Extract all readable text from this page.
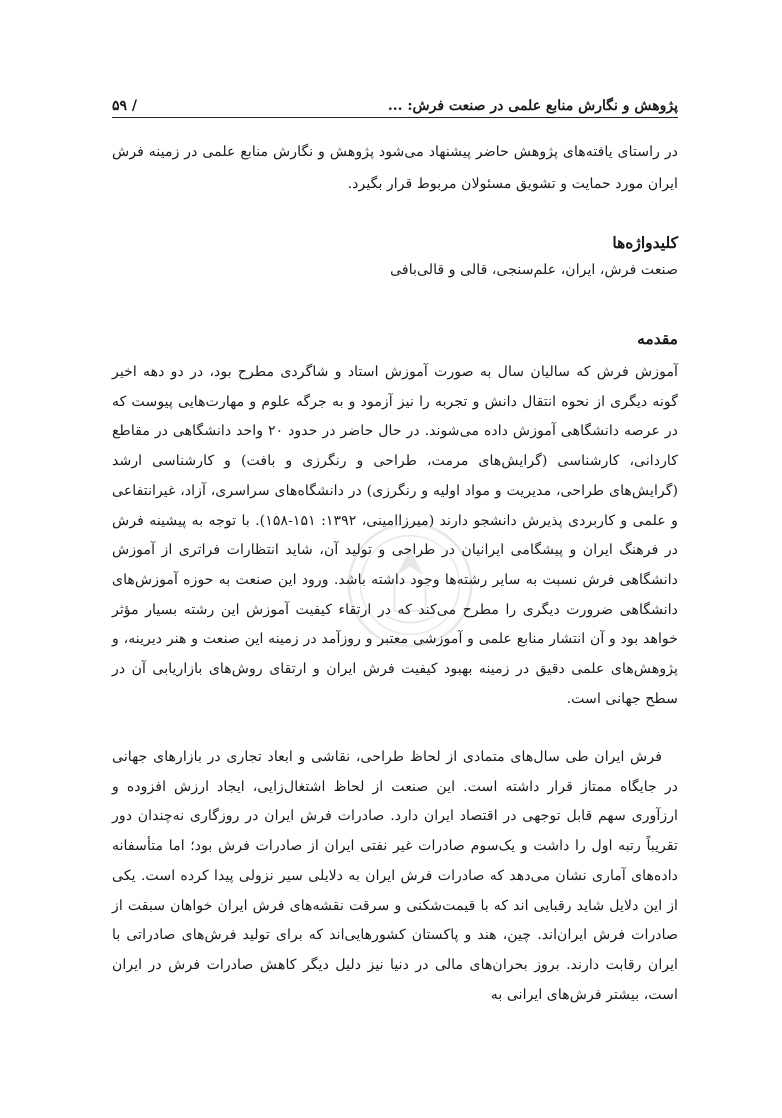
پژوهش و نگارش منابع علمی در صنعت فرش: ...
/ ۵۹

در راستای یافته‌های پژوهش حاضر پیشنهاد می‌شود پژوهش و نگارش منابع علمی در زمینه فرش ایران مورد حمایت و تشویق مسئولان مربوط قرار بگیرد.

کلیدواژه‌ها

صنعت فرش، ایران، علم‌سنجی، قالی و قالی‌بافی

مقدمه

آموزش فرش که سالیان سال به صورت آموزش استاد و شاگردی مطرح بود، در دو دهه اخیر گونه دیگری از نحوه انتقال دانش و تجربه را نیز آزمود و به جرگه علوم و مهارت‌هایی پیوست که در عرصه دانشگاهی آموزش داده می‌شوند. در حال حاضر در حدود ۲۰ واحد دانشگاهی در مقاطع کاردانی، کارشناسی (گرایش‌های مرمت، طراحی و رنگرزی و بافت) و کارشناسی ارشد (گرایش‌های طراحی، مدیریت و مواد اولیه و رنگرزی) در دانشگاه‌های سراسری، آزاد، غیرانتفاعی و علمی و کاربردی پذیرش دانشجو دارند (میرزاامینی، ۱۳۹۲: ۱۵۱-۱۵۸). با توجه به پیشینه فرش در فرهنگ ایران و پیشگامی ایرانیان در طراحی و تولید آن، شاید انتظارات فراتری از آموزش دانشگاهی فرش نسبت به سایر رشته‌ها وجود داشته باشد. ورود این صنعت به حوزه آموزش‌های دانشگاهی ضرورت دیگری را مطرح می‌کند که در ارتقاء کیفیت آموزش این رشته بسیار مؤثر خواهد بود و آن انتشار منابع علمی و آموزشی معتبر و روزآمد در زمینه این صنعت و هنر دیرینه، و پژوهش‌های علمی دقیق در زمینه بهبود کیفیت فرش ایران و ارتقای روش‌های بازاریابی آن در سطح جهانی است.

فرش ایران طی سال‌های متمادی از لحاظ طراحی، نقاشی و ابعاد تجاری در بازارهای جهانی در جایگاه ممتاز قرار داشته است. این صنعت از لحاظ اشتغال‌زایی، ایجاد ارزش افزوده و ارزآوری سهم قابل توجهی در اقتصاد ایران دارد. صادرات فرش ایران در روزگاری نه‌چندان دور تقریباً رتبه اول را داشت و یک‌سوم صادرات غیر نفتی ایران از صادرات فرش بود؛ اما متأسفانه داده‌های آماری نشان می‌دهد که صادرات فرش ایران به دلایلی سیر نزولی پیدا کرده است. یکی از این دلایل شاید رقبایی اند که با قیمت‌شکنی و سرقت نقشه‌های فرش ایران خواهان سبقت از صادرات فرش ایران‌اند. چین، هند و پاکستان کشورهایی‌اند که برای تولید فرش‌های صادراتی با ایران رقابت دارند. بروز بحران‌های مالی در دنیا نیز دلیل دیگر کاهش صادرات فرش در ایران است، بیشتر فرش‌های ایرانی به
